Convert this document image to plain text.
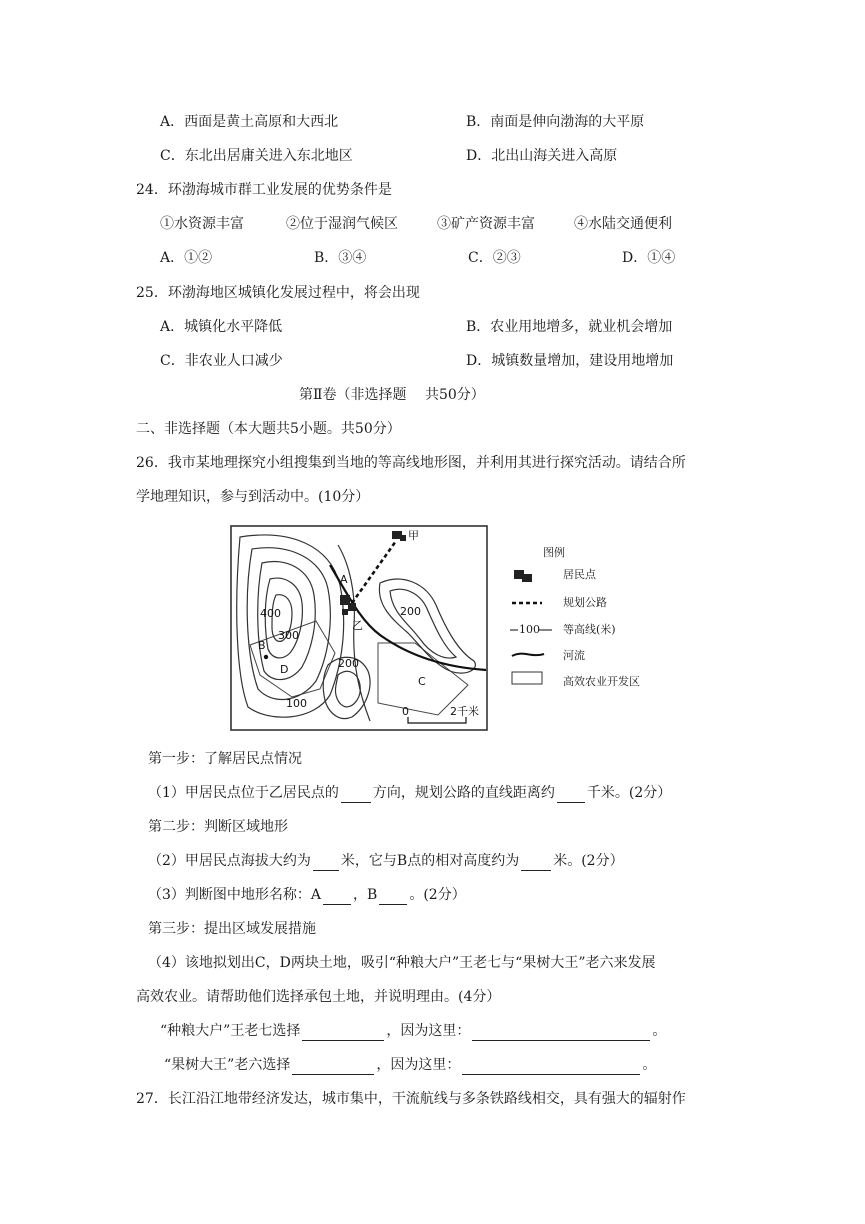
A．西面是黄土高原和大西北	B．南面是伸向渤海的大平原
C．东北出居庸关进入东北地区	D．北出山海关进入高原
24．环渤海城市群工业发展的优势条件是
①水资源丰富	②位于湿润气候区	③矿产资源丰富	④水陆交通便利
A．①②	B．③④	C．②③	D．①④
25．环渤海地区城镇化发展过程中，将会出现
A．城镇化水平降低	B．农业用地增多，就业机会增加
C．非农业人口减少	D．城镇数量增加，建设用地增加
第Ⅱ卷（非选择题　 共50分）
二、非选择题（本大题共5小题。共50分）
26．我市某地理探究小组搜集到当地的等高线地形图，并利用其进行探究活动。请结合所
学地理知识，参与到活动中。(10分）
甲
乙
A
B
C
D
400
300
200
200
100
0	2千米
图例
居民点
规划公路
100 等高线(米)
河流
高效农业开发区
第一步：了解居民点情况
（1）甲居民点位于乙居民点的 方向，规划公路的直线距离约 千米。(2分）
第二步：判断区域地形
（2）甲居民点海拔大约为 米，它与B点的相对高度约为 米。(2分）
（3）判断图中地形名称：A ，B 。(2分）
第三步：提出区域发展措施
（4）该地拟划出C，D两块土地，吸引“种粮大户”王老七与“果树大王”老六来发展
高效农业。请帮助他们选择承包土地，并说明理由。(4分）
“种粮大户”王老七选择	，因为这里：	。
“果树大王”老六选择	，因为这里：	。
27．长江沿江地带经济发达，城市集中，干流航线与多条铁路线相交，具有强大的辐射作
